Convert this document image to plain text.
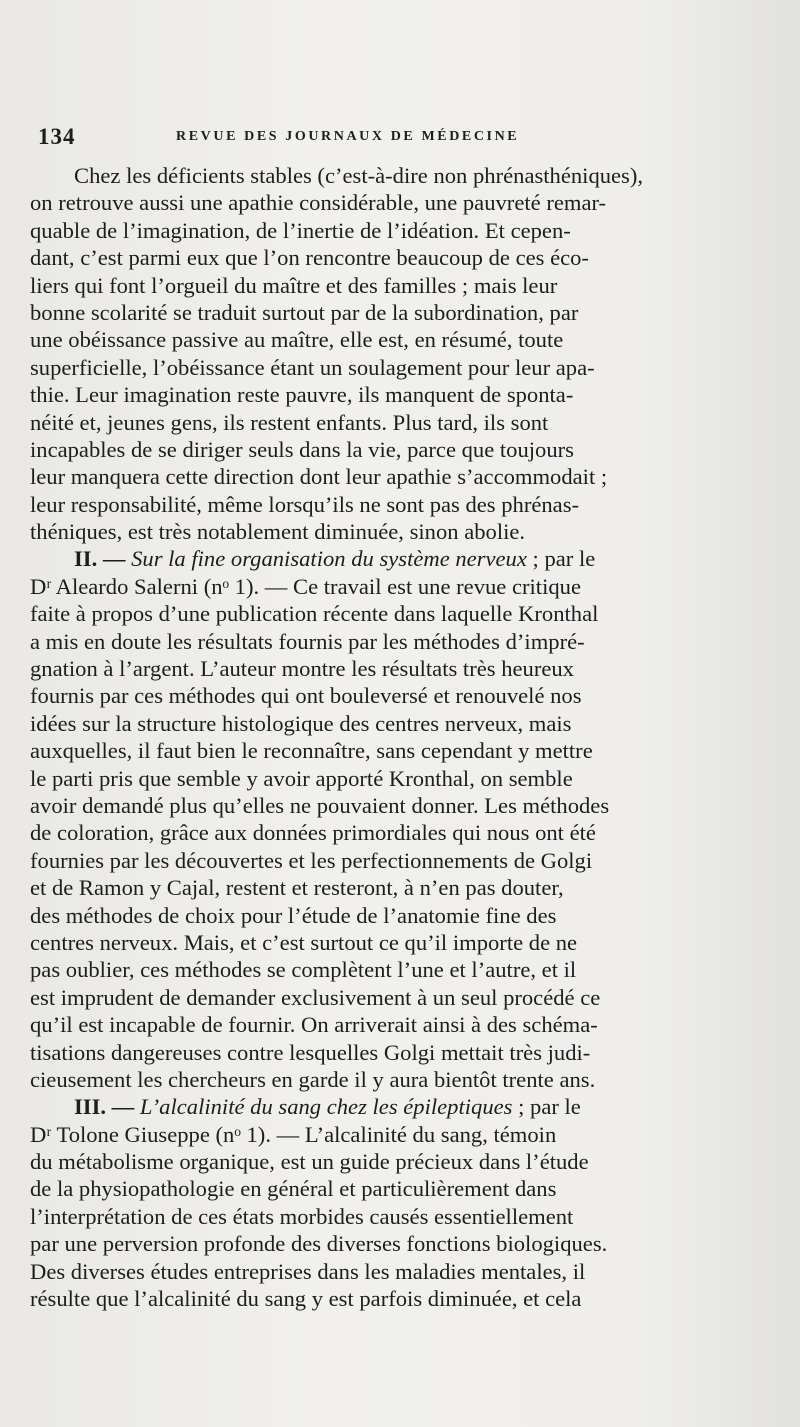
134	REVUE DES JOURNAUX DE MÉDECINE
Chez les déficients stables (c’est-à-dire non phrénasthéniques),
on retrouve aussi une apathie considérable, une pauvreté remar-
quable de l’imagination, de l’inertie de l’idéation. Et cepen-
dant, c’est parmi eux que l’on rencontre beaucoup de ces éco-
liers qui font l’orgueil du maître et des familles ; mais leur
bonne scolarité se traduit surtout par de la subordination, par
une obéissance passive au maître, elle est, en résumé, toute
superficielle, l’obéissance étant un soulagement pour leur apa-
thie. Leur imagination reste pauvre, ils manquent de sponta-
néité et, jeunes gens, ils restent enfants. Plus tard, ils sont
incapables de se diriger seuls dans la vie, parce que toujours
leur manquera cette direction dont leur apathie s’accommodait ;
leur responsabilité, même lorsqu’ils ne sont pas des phrénas-
théniques, est très notablement diminuée, sinon abolie.
II. — Sur la fine organisation du système nerveux ; par le
Dʳ Aleardo Salerni (nᵒ 1). — Ce travail est une revue critique
faite à propos d’une publication récente dans laquelle Kronthal
a mis en doute les résultats fournis par les méthodes d’impré-
gnation à l’argent. L’auteur montre les résultats très heureux
fournis par ces méthodes qui ont bouleversé et renouvelé nos
idées sur la structure histologique des centres nerveux, mais
auxquelles, il faut bien le reconnaître, sans cependant y mettre
le parti pris que semble y avoir apporté Kronthal, on semble
avoir demandé plus qu’elles ne pouvaient donner. Les méthodes
de coloration, grâce aux données primordiales qui nous ont été
fournies par les découvertes et les perfectionnements de Golgi
et de Ramon y Cajal, restent et resteront, à n’en pas douter,
des méthodes de choix pour l’étude de l’anatomie fine des
centres nerveux. Mais, et c’est surtout ce qu’il importe de ne
pas oublier, ces méthodes se complètent l’une et l’autre, et il
est imprudent de demander exclusivement à un seul procédé ce
qu’il est incapable de fournir. On arriverait ainsi à des schéma-
tisations dangereuses contre lesquelles Golgi mettait très judi-
cieusement les chercheurs en garde il y aura bientôt trente ans.
III. — L’alcalinité du sang chez les épileptiques ; par le
Dʳ Tolone Giuseppe (nᵒ 1). — L’alcalinité du sang, témoin
du métabolisme organique, est un guide précieux dans l’étude
de la physiopathologie en général et particulièrement dans
l’interprétation de ces états morbides causés essentiellement
par une perversion profonde des diverses fonctions biologiques.
Des diverses études entreprises dans les maladies mentales, il
résulte que l’alcalinité du sang y est parfois diminuée, et cela
